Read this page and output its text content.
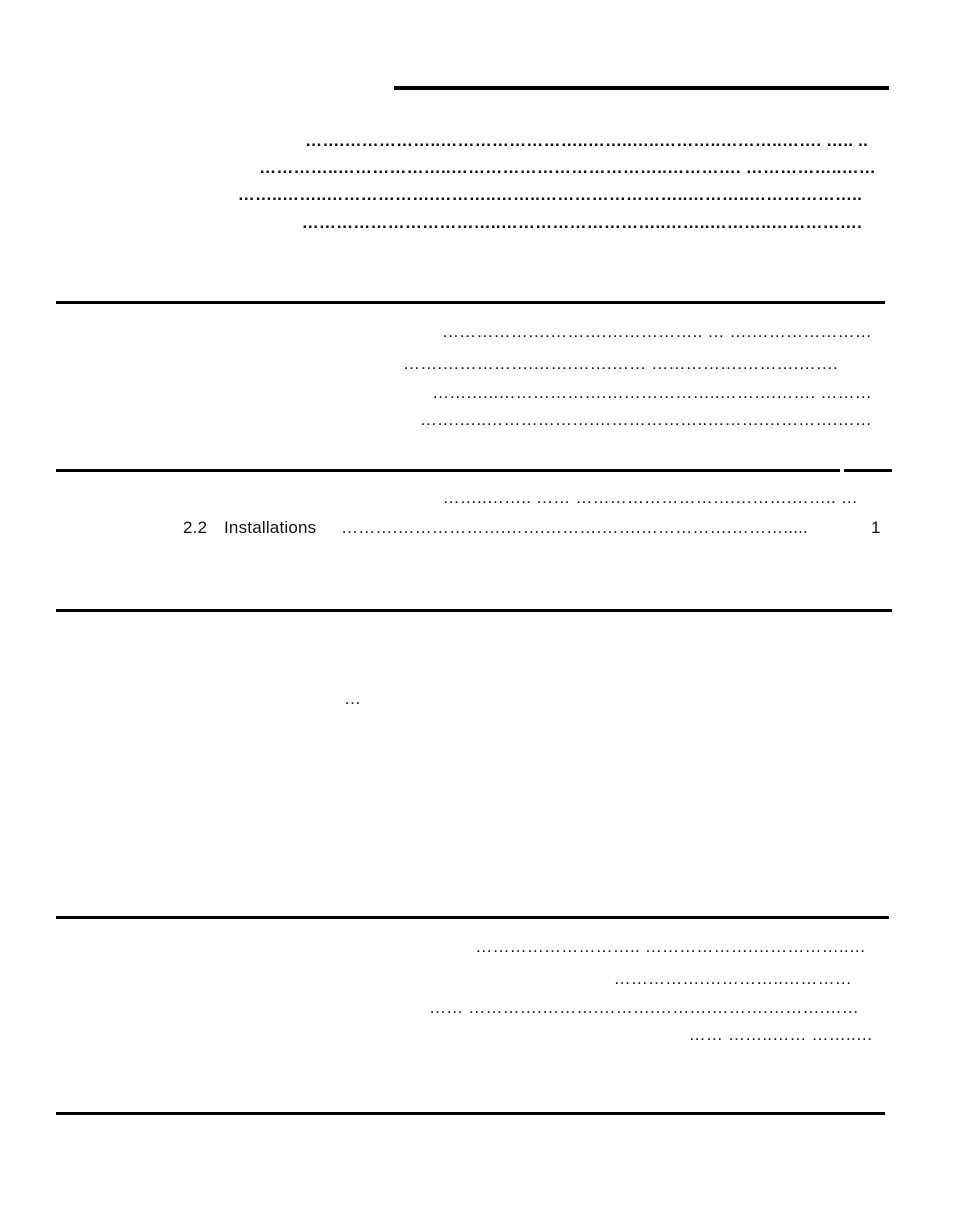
…….……………..……………………..……..…..………..………..……. ….. ..
…………..………………..………………………………..…………. ……………..……
……..……..……………….………..……..……………………..………..………………..
……………………………..………………………..……..………..…………….
……………….……….…………….. … ….…………………
…….…………….…….…….…… …………….……….…….
…….…..……………….………………..……….……. ………
…….…..……………….………………..……….………….……
……..…….. …… ……………………….……….…….. …
2.2 Installations ……….……………….…….……….…….…………….……….....	1
…
……………………….. ……………….……………..…
…………….…………..…………
…… ………….……….……….……….……….……….……
…… ……..…… ……..…
